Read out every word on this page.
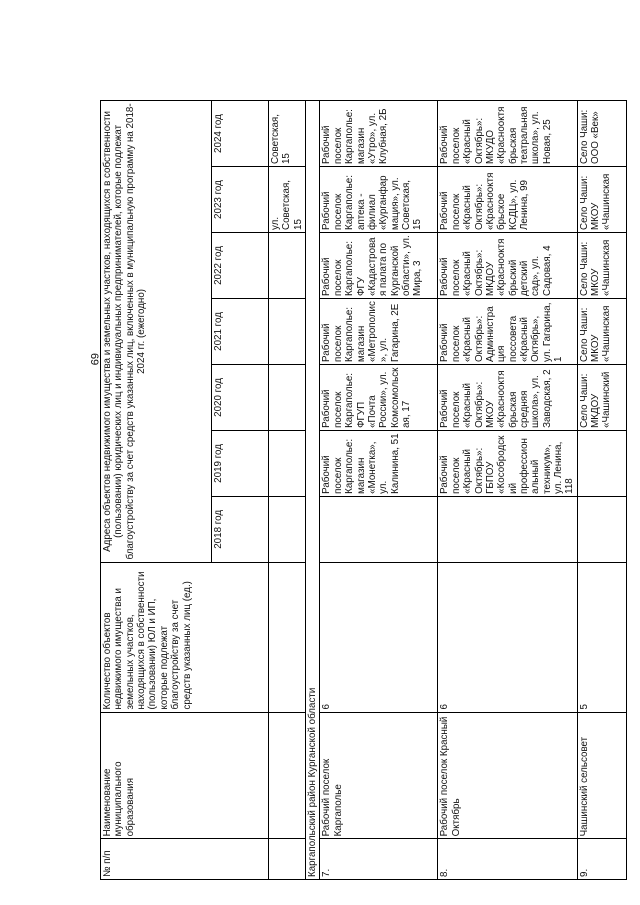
69
№ п/п	Наименование муниципального образования	Количество объектов недвижимого имущества и земельных участков, находящихся в собственности (пользовании) ЮЛ и ИП, которые подлежат благоустройству за счет средств указанных лиц (ед.)	Адреса объектов недвижимого имущества и земельных участков, находящихся в собственности (пользовании) юридических лиц и индивидуальных предпринимателей, которые подлежат благоустройству за счет средств указанных лиц, включенных в муниципальную программу на 2018-2024 гг. (ежегодно)						
			2018 год	2019 год	2020 год	2021 год	2022 год	2023 год	2024 год
								ул. Советская, 15	Советская, 15
Каргапольский район Курганской области									
7.	Рабочий поселок Каргаполье	6		Рабочий поселок Каргаполье: магазин «Монетка», ул. Калинина, 51	Рабочий поселок Каргаполье: ФГУП «Почта России», ул. Комсомольская, 17	Рабочий поселок Каргаполье: магазин «Метрополис», ул. Гагарина, 2Е	Рабочий поселок Каргаполье: ФГУ «Кадастровая палата по Курганской области», ул. Мира, 3	Рабочий поселок Каргаполье: аптека - филиал «Курганфармация», ул. Советская, 15	Рабочий поселок Каргаполье: магазин «Утро», ул. Клубная, 2Б
8.	Рабочий поселок Красный Октябрь	6		Рабочий поселок «Красный Октябрь»: ГБПОУ «Кособродский профессиональный техникум», ул. Ленина, 118	Рабочий поселок «Красный Октябрь»: МКОУ «Краснооктябрьская средняя школа», ул. Заводская, 2	Рабочий поселок «Красный Октябрь»: Администрация поссовета «Красный Октябрь», ул. Гагарина, 1	Рабочий поселок «Красный Октябрь»: МКДОУ «Краснооктябрьский детский сад», ул. Садовая, 4	Рабочий поселок «Красный Октябрь»: «Краснооктябрьское КСДЦ», ул. Ленина, 99	Рабочий поселок «Красный Октябрь»: МКУДО «Краснооктябрьская театральная школа», ул. Новая, 25
9.	Чашинский сельсовет	5			Село Чаши: МКДОУ «Чашинский	Село Чаши: МКОУ «Чашинская	Село Чаши: МКОУ «Чашинская	Село Чаши: МКОУ «Чашинская	Село Чаши: ООО «Век»
